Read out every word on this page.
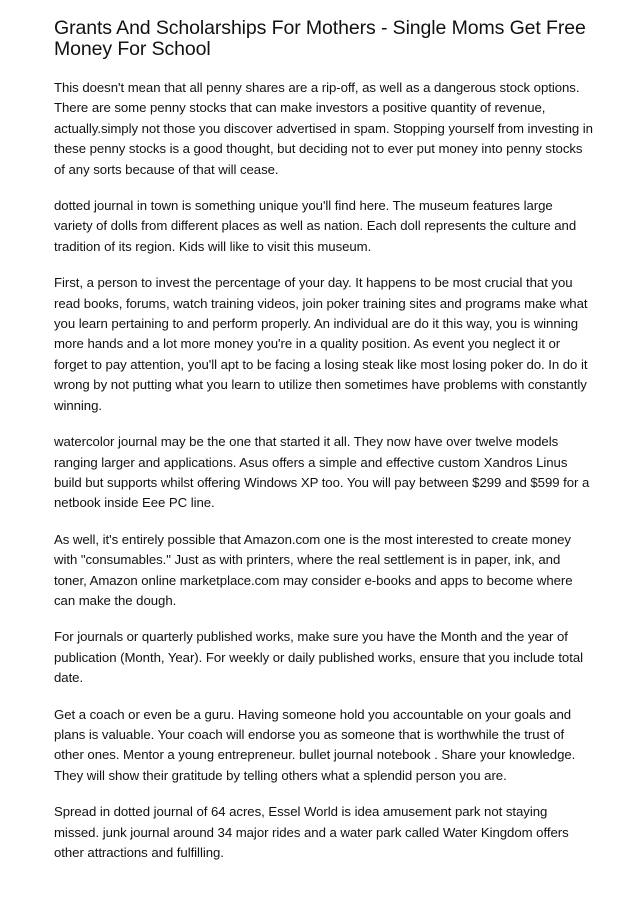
Grants And Scholarships For Mothers - Single Moms Get Free Money For School

This doesn't mean that all penny shares are a rip-off, as well as a dangerous stock options. There are some penny stocks that can make investors a positive quantity of revenue, actually.simply not those you discover advertised in spam. Stopping yourself from investing in these penny stocks is a good thought, but deciding not to ever put money into penny stocks of any sorts because of that will cease.

dotted journal in town is something unique you'll find here. The museum features large variety of dolls from different places as well as nation. Each doll represents the culture and tradition of its region. Kids will like to visit this museum.

First, a person to invest the percentage of your day. It happens to be most crucial that you read books, forums, watch training videos, join poker training sites and programs make what you learn pertaining to and perform properly. An individual are do it this way, you is winning more hands and a lot more money you're in a quality position. As event you neglect it or forget to pay attention, you'll apt to be facing a losing steak like most losing poker do. In do it wrong by not putting what you learn to utilize then sometimes have problems with constantly winning.

watercolor journal may be the one that started it all. They now have over twelve models ranging larger and applications. Asus offers a simple and effective custom Xandros Linus build but supports whilst offering Windows XP too. You will pay between $299 and $599 for a netbook inside Eee PC line.

As well, it's entirely possible that Amazon.com one is the most interested to create money with "consumables." Just as with printers, where the real settlement is in paper, ink, and toner, Amazon online marketplace.com may consider e-books and apps to become where can make the dough.

For journals or quarterly published works, make sure you have the Month and the year of publication (Month, Year). For weekly or daily published works, ensure that you include total date.

Get a coach or even be a guru. Having someone hold you accountable on your goals and plans is valuable. Your coach will endorse you as someone that is worthwhile the trust of other ones. Mentor a young entrepreneur. bullet journal notebook . Share your knowledge. They will show their gratitude by telling others what a splendid person you are.

Spread in dotted journal of 64 acres, Essel World is idea amusement park not staying missed. junk journal around 34 major rides and a water park called Water Kingdom offers other attractions and fulfilling.
